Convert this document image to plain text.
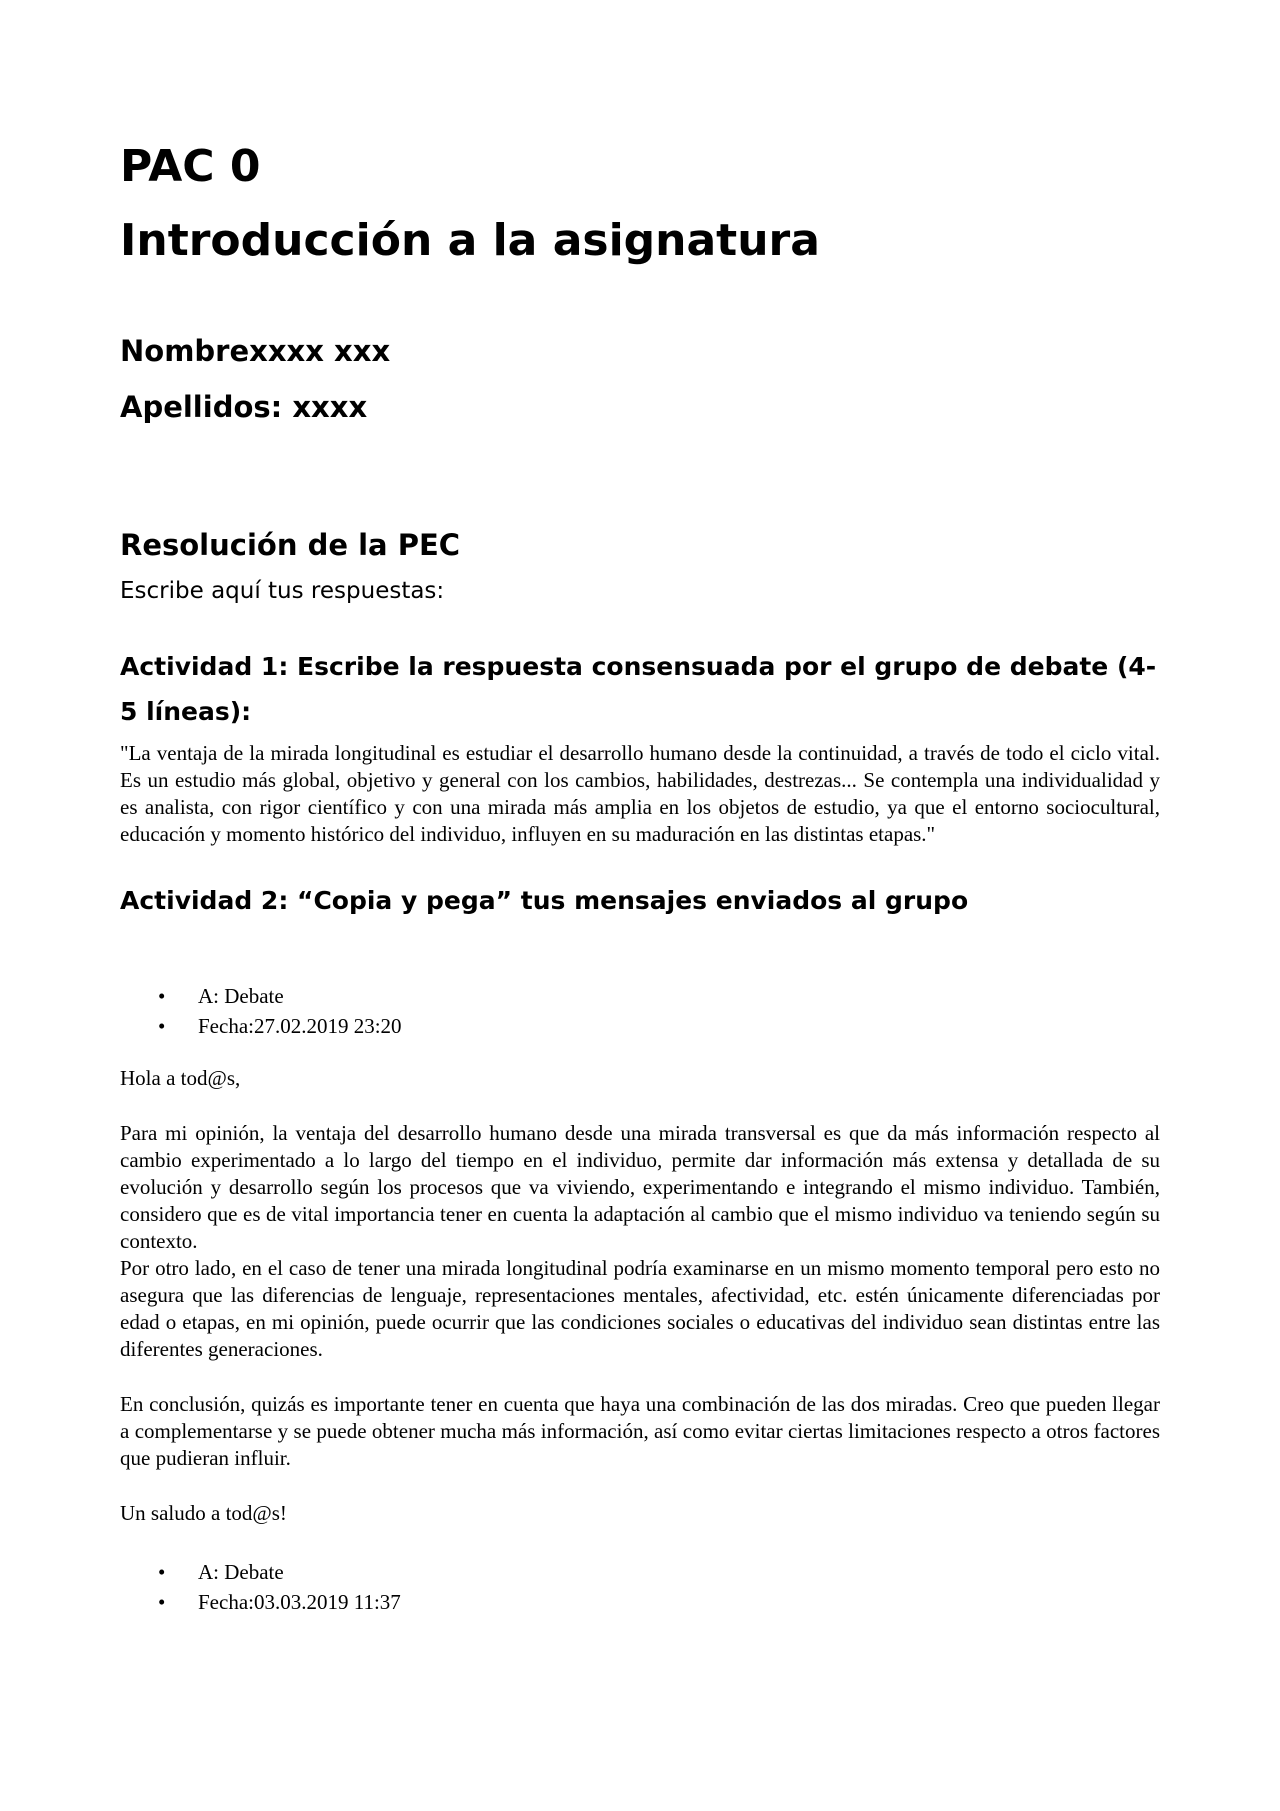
PAC 0
Introducción a la asignatura
Nombrexxxx xxx
Apellidos: xxxx
Resolución de la PEC

Escribe aquí tus respuestas:

Actividad 1: Escribe la respuesta consensuada por el grupo de debate (4-5 líneas):

"La ventaja de la mirada longitudinal es estudiar el desarrollo humano desde la continuidad, a través de todo el ciclo vital. Es un estudio más global, objetivo y general con los cambios, habilidades, destrezas... Se contempla una individualidad y es analista, con rigor científico y con una mirada más amplia en los objetos de estudio, ya que el entorno sociocultural, educación y momento histórico del individuo, influyen en su maduración en las distintas etapas."

Actividad 2: “Copia y pega” tus mensajes enviados al grupo
• A: Debate
• Fecha:27.02.2019 23:20

Hola a tod@s,

Para mi opinión, la ventaja del desarrollo humano desde una mirada transversal es que da más información respecto al cambio experimentado a lo largo del tiempo en el individuo, permite dar información más extensa y detallada de su evolución y desarrollo según los procesos que va viviendo, experimentando e integrando el mismo individuo. También, considero que es de vital importancia tener en cuenta la adaptación al cambio que el mismo individuo va teniendo según su contexto.

Por otro lado, en el caso de tener una mirada longitudinal podría examinarse en un mismo momento temporal pero esto no asegura que las diferencias de lenguaje, representaciones mentales, afectividad, etc. estén únicamente diferenciadas por edad o etapas, en mi opinión, puede ocurrir que las condiciones sociales o educativas del individuo sean distintas entre las diferentes generaciones.

En conclusión, quizás es importante tener en cuenta que haya una combinación de las dos miradas. Creo que pueden llegar a complementarse y se puede obtener mucha más información, así como evitar ciertas limitaciones respecto a otros factores que pudieran influir.

Un saludo a tod@s!

• A: Debate
• Fecha:03.03.2019 11:37
